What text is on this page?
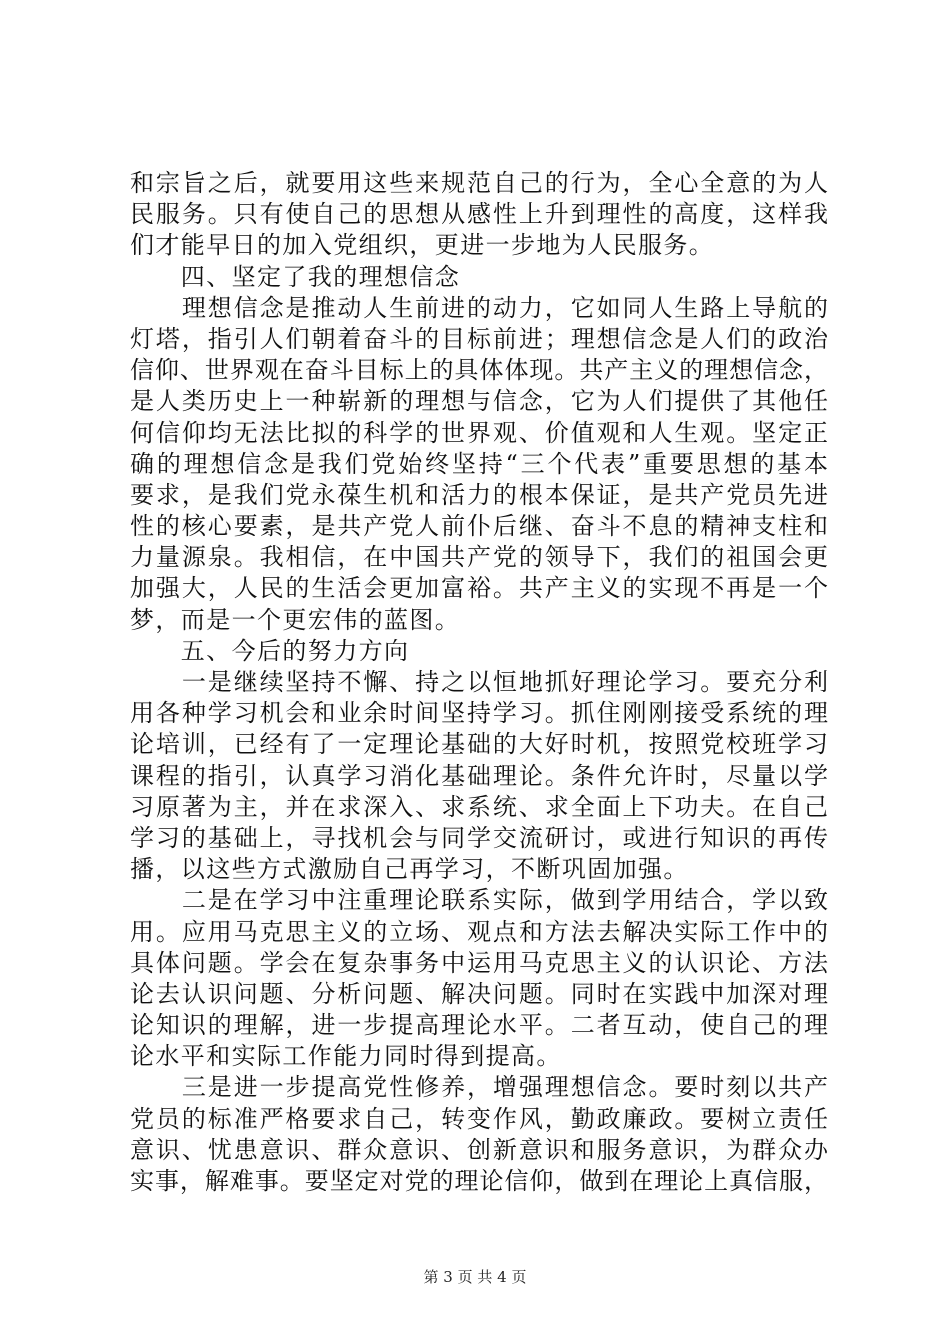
和宗旨之后，就要用这些来规范自己的行为，全心全意的为人
民服务。只有使自己的思想从感性上升到理性的高度，这样我
们才能早日的加入党组织，更进一步地为人民服务。
　　四、坚定了我的理想信念
　　理想信念是推动人生前进的动力，它如同人生路上导航的
灯塔，指引人们朝着奋斗的目标前进；理想信念是人们的政治
信仰、世界观在奋斗目标上的具体体现。共产主义的理想信念，
是人类历史上一种崭新的理想与信念，它为人们提供了其他任
何信仰均无法比拟的科学的世界观、价值观和人生观。坚定正
确的理想信念是我们党始终坚持“三个代表”重要思想的基本
要求，是我们党永葆生机和活力的根本保证，是共产党员先进
性的核心要素，是共产党人前仆后继、奋斗不息的精神支柱和
力量源泉。我相信，在中国共产党的领导下，我们的祖国会更
加强大，人民的生活会更加富裕。共产主义的实现不再是一个
梦，而是一个更宏伟的蓝图。
　　五、今后的努力方向
　　一是继续坚持不懈、持之以恒地抓好理论学习。要充分利
用各种学习机会和业余时间坚持学习。抓住刚刚接受系统的理
论培训，已经有了一定理论基础的大好时机，按照党校班学习
课程的指引，认真学习消化基础理论。条件允许时，尽量以学
习原著为主，并在求深入、求系统、求全面上下功夫。在自己
学习的基础上，寻找机会与同学交流研讨，或进行知识的再传
播，以这些方式激励自己再学习，不断巩固加强。
　　二是在学习中注重理论联系实际，做到学用结合，学以致
用。应用马克思主义的立场、观点和方法去解决实际工作中的
具体问题。学会在复杂事务中运用马克思主义的认识论、方法
论去认识问题、分析问题、解决问题。同时在实践中加深对理
论知识的理解，进一步提高理论水平。二者互动，使自己的理
论水平和实际工作能力同时得到提高。
　　三是进一步提高党性修养，增强理想信念。要时刻以共产
党员的标准严格要求自己，转变作风，勤政廉政。要树立责任
意识、忧患意识、群众意识、创新意识和服务意识，为群众办
实事，解难事。要坚定对党的理论信仰，做到在理论上真信服，
第 3 页 共 4 页
